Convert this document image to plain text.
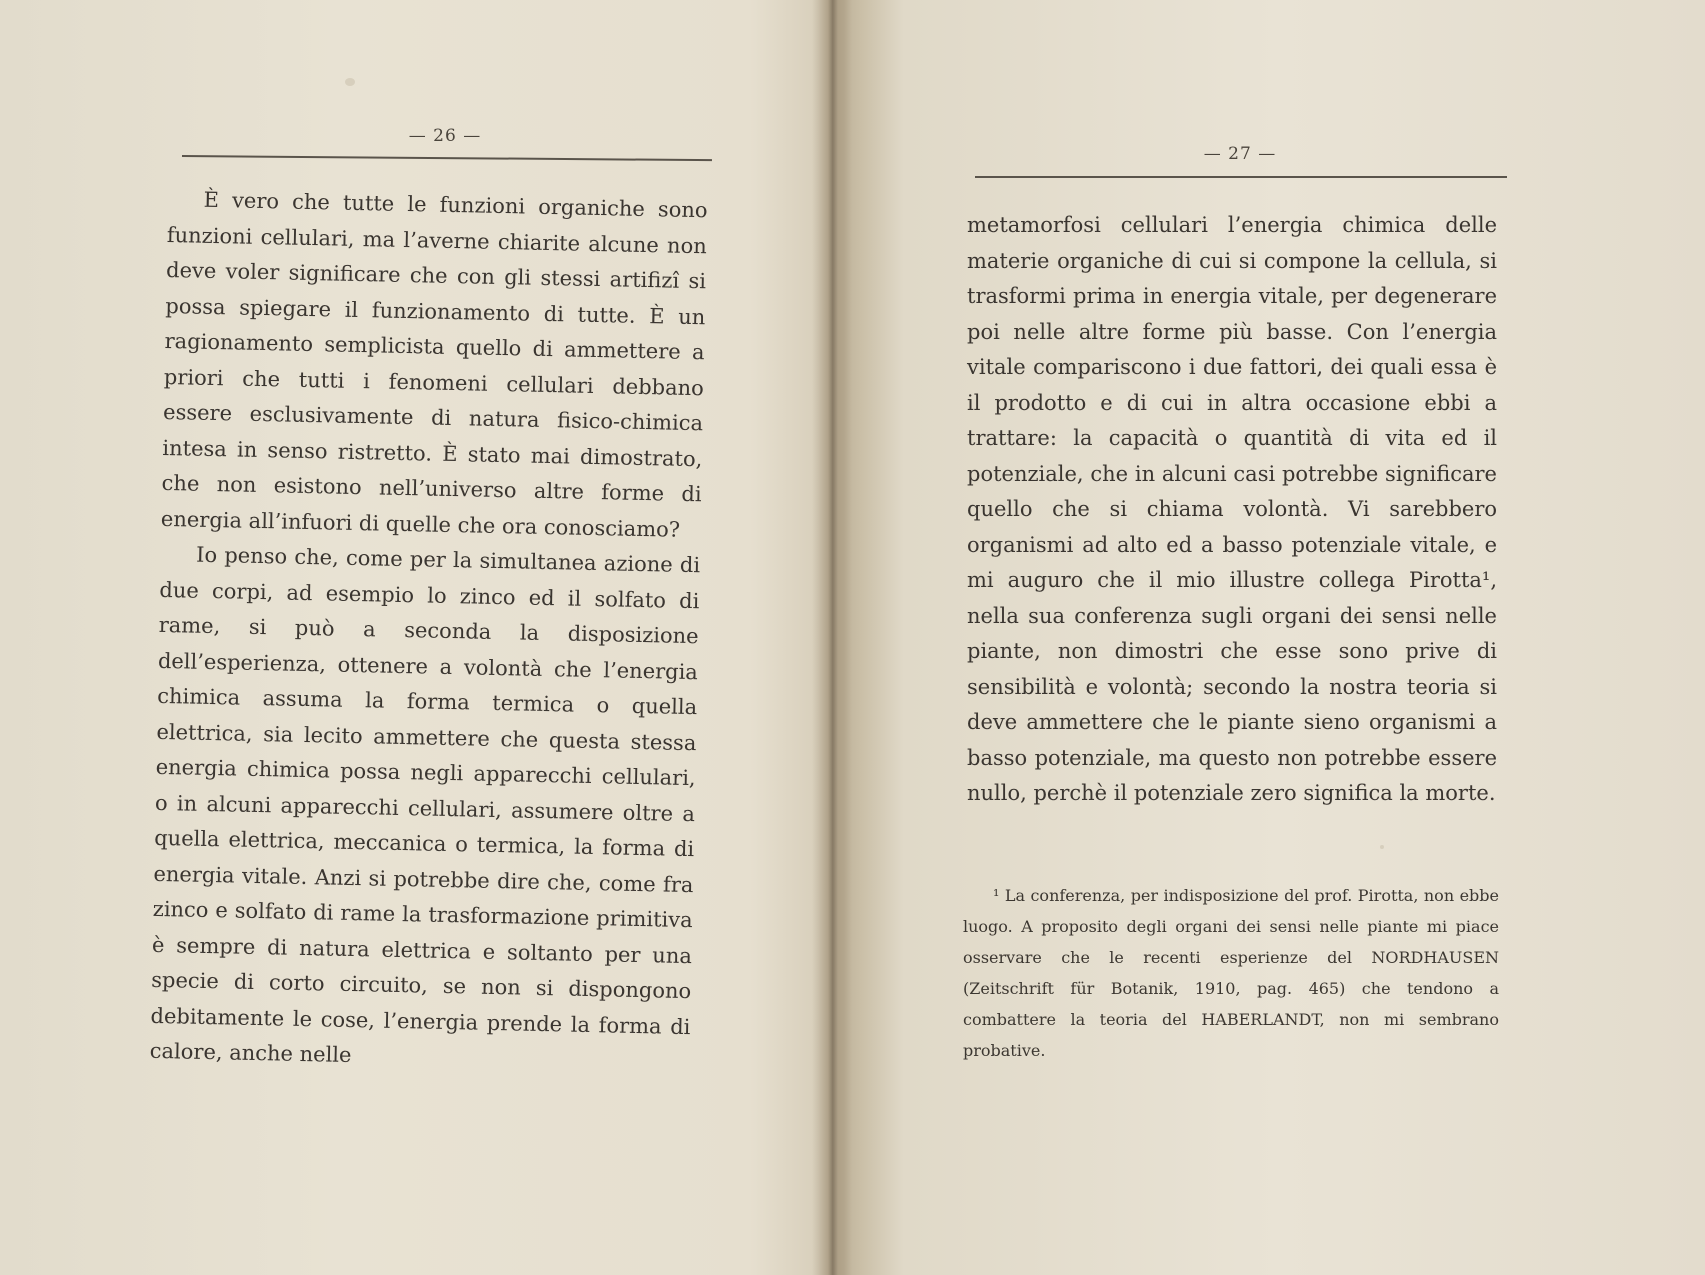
— 26 —

È vero che tutte le funzioni organiche sono funzioni cellulari, ma l’averne chiarite alcune non deve voler significare che con gli stessi artifizî si possa spiegare il funzionamento di tutte. È un ragionamento semplicista quello di ammettere a priori che tutti i fenomeni cellulari debbano essere esclusivamente di natura fisico-chimica intesa in senso ristretto. È stato mai dimostrato, che non esistono nell’universo altre forme di energia all’infuori di quelle che ora conosciamo?

Io penso che, come per la simultanea azione di due corpi, ad esempio lo zinco ed il solfato di rame, si può a seconda la disposizione dell’esperienza, ottenere a volontà che l’energia chimica assuma la forma termica o quella elettrica, sia lecito ammettere che questa stessa energia chimica possa negli apparecchi cellulari, o in alcuni apparecchi cellulari, assumere oltre a quella elettrica, meccanica o termica, la forma di energia vitale. Anzi si potrebbe dire che, come fra zinco e solfato di rame la trasformazione primitiva è sempre di natura elettrica e soltanto per una specie di corto circuito, se non si dispongono debitamente le cose, l’energia prende la forma di calore, anche nelle

— 27 —

metamorfosi cellulari l’energia chimica delle materie organiche di cui si compone la cellula, si trasformi prima in energia vitale, per degenerare poi nelle altre forme più basse. Con l’energia vitale compariscono i due fattori, dei quali essa è il prodotto e di cui in altra occasione ebbi a trattare: la capacità o quantità di vita ed il potenziale, che in alcuni casi potrebbe significare quello che si chiama volontà. Vi sarebbero organismi ad alto ed a basso potenziale vitale, e mi auguro che il mio illustre collega Pirotta¹, nella sua conferenza sugli organi dei sensi nelle piante, non dimostri che esse sono prive di sensibilità e volontà; secondo la nostra teoria si deve ammettere che le piante sieno organismi a basso potenziale, ma questo non potrebbe essere nullo, perchè il potenziale zero significa la morte.

¹ La conferenza, per indisposizione del prof. Pirotta, non ebbe luogo. A proposito degli organi dei sensi nelle piante mi piace osservare che le recenti esperienze del NORDHAUSEN (Zeitschrift für Botanik, 1910, pag. 465) che tendono a combattere la teoria del HABERLANDT, non mi sembrano probative.
